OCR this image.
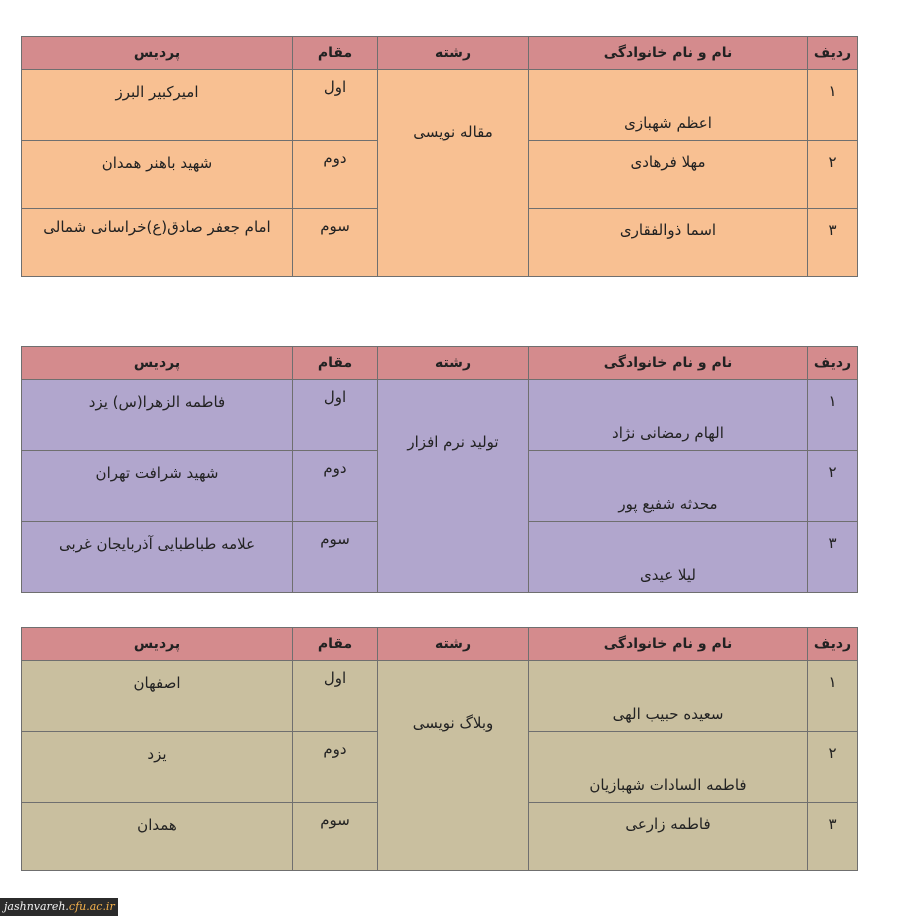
ردیف	نام و نام خانوادگی	رشته	مقام	پردیس

۱	اعظم شهبازی	مقاله نویسی	اول	امیرکبیر البرز

۲	مهلا فرهادی		دوم	شهید باهنر همدان

۳	اسما ذوالفقاری		سوم	امام جعفر صادق(ع)خراسانی شمالی
ردیف	نام و نام خانوادگی	رشته	مقام	پردیس

۱	الهام رمضانی نژاد	تولید نرم افزار	اول	فاطمه الزهرا(س) یزد

۲	محدثه شفیع پور		دوم	شهید شرافت تهران

۳	لیلا عیدی		سوم	علامه طباطبایی آذربایجان غربی
ردیف	نام و نام خانوادگی	رشته	مقام	پردیس

۱	سعیده حبیب الهی	وبلاگ نویسی	اول	اصفهان

۲	فاطمه السادات شهبازیان		دوم	یزد

۳	فاطمه زارعی		سوم	همدان
jashnvareh.cfu.ac.ir
